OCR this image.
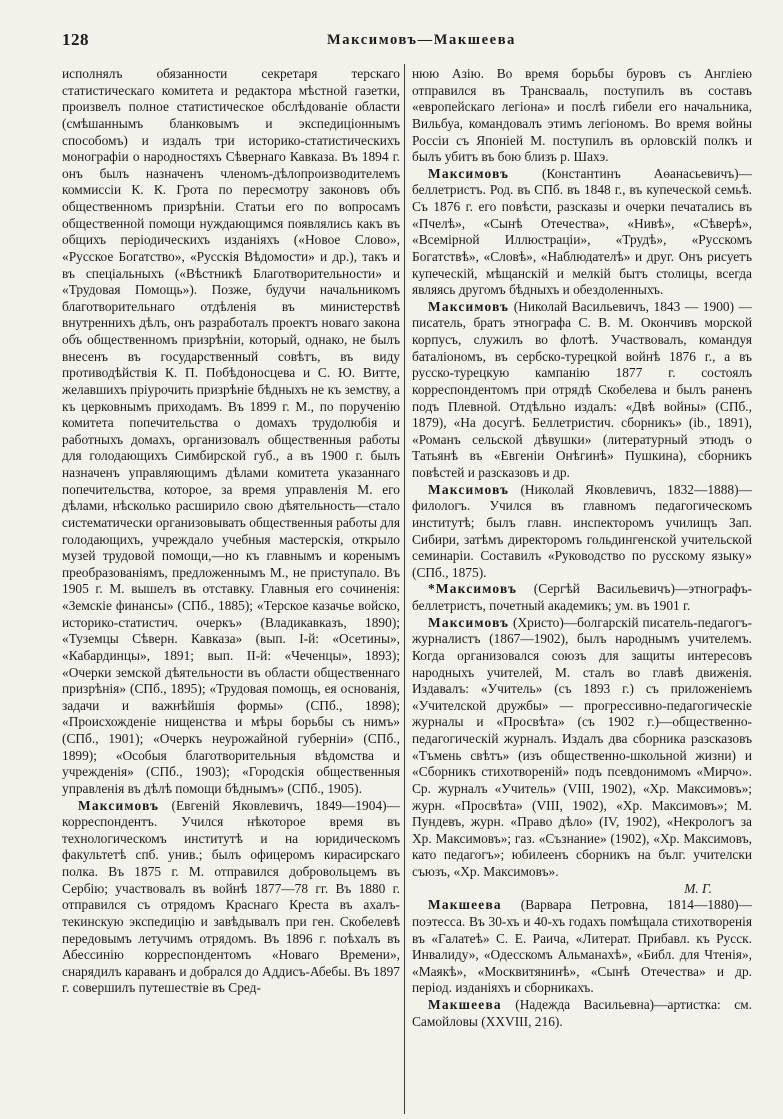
128	Максимовъ—Макшеева

исполнялъ обязанности секретаря терскаго статистическаго комитета и редактора мѣстной газетки, произвелъ полное статистическое обслѣдованіе области (смѣшаннымъ бланковымъ и экспедиціоннымъ способомъ) и издалъ три историко-статистическихъ монографіи о народностяхъ Сѣвернаго Кавказа. Въ 1894 г. онъ былъ назначенъ членомъ-дѣлопроизводителемъ коммиссіи К. К. Грота по пересмотру законовъ объ общественномъ призрѣніи. Статьи его по вопросамъ общественной помощи нуждающимся появлялись какъ въ общихъ періодическихъ изданіяхъ («Новое Слово», «Русское Богатство», «Русскія Вѣдомости» и др.), такъ и въ спеціальныхъ («Вѣстникѣ Благотворительности» и «Трудовая Помощь»). Позже, будучи начальникомъ благотворительнаго отдѣленія въ министерствѣ внутреннихъ дѣлъ, онъ разработалъ проектъ новаго закона объ общественномъ призрѣніи, который, однако, не былъ внесенъ въ государственный совѣтъ, въ виду противодѣйствія К. П. Побѣдоносцева и С. Ю. Витте, желавшихъ пріурочить призрѣніе бѣдныхъ не къ земству, а къ церковнымъ приходамъ. Въ 1899 г. М., по порученію комитета попечительства о домахъ трудолюбія и работныхъ домахъ, организовалъ общественныя работы для голодающихъ Симбирской губ., а въ 1900 г. былъ назначенъ управляющимъ дѣлами комитета указаннаго попечительства, которое, за время управленія М. его дѣлами, нѣсколько расширило свою дѣятельность—стало систематически организовывать общественныя работы для голодающихъ, учреждало учебныя мастерскія, открыло музей трудовой помощи,—но къ главнымъ и коренымъ преобразованіямъ, предложеннымъ М., не приступало. Въ 1905 г. М. вышелъ въ отставку. Главныя его сочиненія: «Земскіе финансы» (СПб., 1885); «Терское казачье войско, историко-статистич. очеркъ» (Владикавказъ, 1890); «Туземцы Сѣверн. Кавказа» (вып. I-й: «Осетины», «Кабардинцы», 1891; вып. II-й: «Чеченцы», 1893); «Очерки земской дѣятельности въ области общественнаго призрѣнія» (СПб., 1895); «Трудовая помощь, ея основанія, задачи и важнѣйшія формы» (СПб., 1898); «Происхожденіе нищенства и мѣры борьбы съ нимъ» (СПб., 1901); «Очеркъ неурожайной губерніи» (СПб., 1899); «Особыя благотворительныя вѣдомства и учрежденія» (СПб., 1903); «Городскія общественныя управленія въ дѣлѣ помощи бѣднымъ» (СПб., 1905).

Максимовъ (Евгеній Яковлевичъ, 1849—1904)—корреспондентъ. Учился нѣкоторое время въ технологическомъ институтѣ и на юридическомъ факультетѣ спб. унив.; былъ офицеромъ кирасирскаго полка. Въ 1875 г. М. отправился добровольцемъ въ Сербію; участвовалъ въ войнѣ 1877—78 гг. Въ 1880 г. отправился съ отрядомъ Краснаго Креста въ ахалъ-текинскую экспедицію и завѣдывалъ при ген. Скобелевѣ передовымъ летучимъ отрядомъ. Въ 1896 г. поѣхалъ въ Абессинію корреспондентомъ «Новаго Времени», снарядилъ караванъ и добрался до Аддисъ-Абебы. Въ 1897 г. совершилъ путешествіе въ Сред-

нюю Азію. Во время борьбы буровъ съ Англіею отправился въ Трансвааль, поступилъ въ составъ «европейскаго легіона» и послѣ гибели его начальника, Вильбуа, командовалъ этимъ легіономъ. Во время войны Россіи съ Японіей М. поступилъ въ орловскій полкъ и былъ убитъ въ бою близъ р. Шахэ.

Максимовъ (Константинъ Аѳанасьевичъ)—беллетристъ. Род. въ СПб. въ 1848 г., въ купеческой семьѣ. Съ 1876 г. его повѣсти, разсказы и очерки печатались въ «Пчелѣ», «Сынѣ Отечества», «Нивѣ», «Сѣверѣ», «Всемірной Иллюстраціи», «Трудѣ», «Русскомъ Богатствѣ», «Словѣ», «Наблюдателѣ» и друг. Онъ рисуетъ купеческій, мѣщанскій и мелкій бытъ столицы, всегда являясь другомъ бѣдныхъ и обездоленныхъ.

Максимовъ (Николай Васильевичъ, 1843 — 1900) — писатель, братъ этнографа С. В. М. Окончивъ морской корпусъ, служилъ во флотѣ. Участвовалъ, командуя баталіономъ, въ сербско-турецкой войнѣ 1876 г., а въ русско-турецкую кампанію 1877 г. состоялъ корреспондентомъ при отрядѣ Скобелева и былъ раненъ подъ Плевной. Отдѣльно издалъ: «Двѣ войны» (СПб., 1879), «На досугѣ. Беллетристич. сборникъ» (ib., 1891), «Романъ сельской дѣвушки» (литературный этюдъ о Татьянѣ въ «Евгеніи Онѣгинѣ» Пушкина), сборникъ повѣстей и разсказовъ и др.

Максимовъ (Николай Яковлевичъ, 1832—1888)—филологъ. Учился въ главномъ педагогическомъ институтѣ; былъ главн. инспекторомъ училищъ Зап. Сибири, затѣмъ директоромъ гольдингенской учительской семинаріи. Составилъ «Руководство по русскому языку» (СПб., 1875).

*Максимовъ (Сергѣй Васильевичъ)—этнографъ-беллетристъ, почетный академикъ; ум. въ 1901 г.

Максимовъ (Христо)—болгарскій писатель-педагогъ-журналистъ (1867—1902), былъ народнымъ учителемъ. Когда организовался союзъ для защиты интересовъ народныхъ учителей, М. сталъ во главѣ движенія. Издавалъ: «Учитель» (съ 1893 г.) съ приложеніемъ «Учителской дружбы» — прогрессивно-педагогическіе журналы и «Просвѣта» (съ 1902 г.)—общественно-педагогическій журналъ. Издалъ два сборника разсказовъ «Тъмень свѣтъ» (изъ общественно-школьной жизни) и «Сборникъ стихотвореній» подъ псевдонимомъ «Мирчо». Ср. журналъ «Учитель» (VIII, 1902), «Хр. Максимовъ»; журн. «Просвѣта» (VIII, 1902), «Хр. Максимовъ»; М. Пундевъ, журн. «Право дѣло» (IV, 1902), «Некрологъ за Хр. Максимовъ»; газ. «Съзнание» (1902), «Хр. Максимовъ, като педагогъ»; юбилеенъ сборникъ на бълг. учителски съюзъ, «Хр. Максимовъ».

М. Г.

Макшеева (Варвара Петровна, 1814—1880)—поэтесса. Въ 30-хъ и 40-хъ годахъ помѣщала стихотворенія въ «Галатеѣ» С. Е. Раича, «Литерат. Прибавл. къ Русск. Инвалиду», «Одесскомъ Альманахѣ», «Библ. для Чтенія», «Маякѣ», «Москвитянинѣ», «Сынѣ Отечества» и др. період. изданіяхъ и сборникахъ.

Макшеева (Надежда Васильевна)—артистка: см. Самойловы (XXVIII, 216).
